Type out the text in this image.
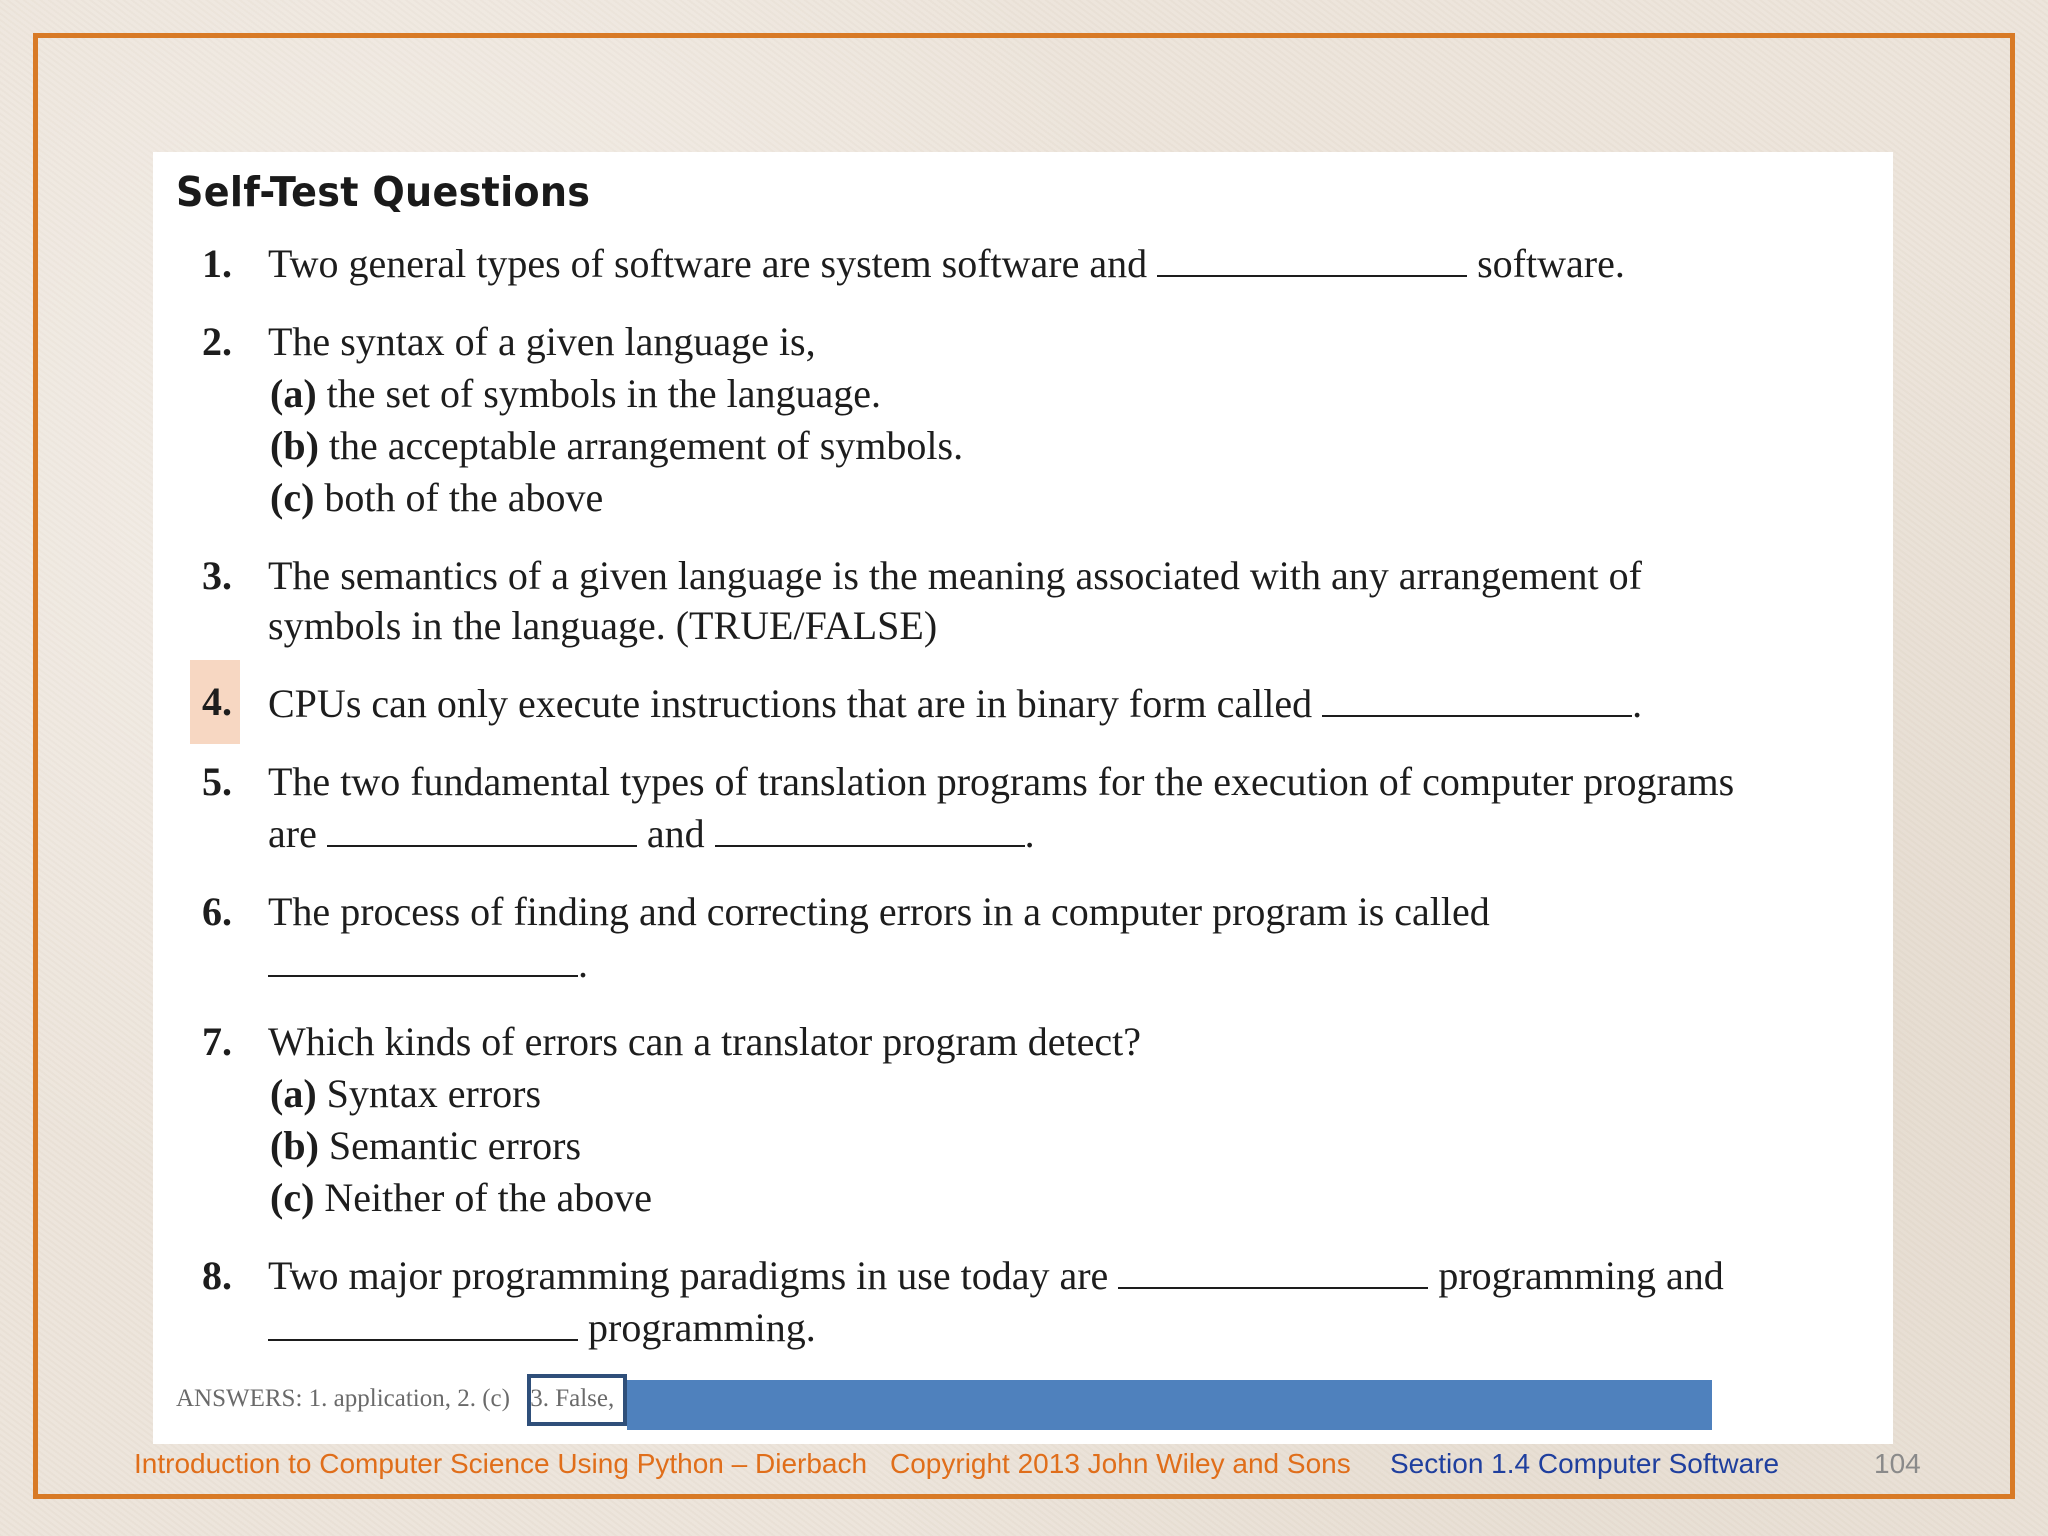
Self-Test Questions
1. Two general types of software are system software and	software.
2. The syntax of a given language is,
(a) the set of symbols in the language.
(b) the acceptable arrangement of symbols.
(c) both of the above
3. The semantics of a given language is the meaning associated with any arrangement of
symbols in the language. (TRUE/FALSE)
4. CPUs can only execute instructions that are in binary form called	.
5. The two fundamental types of translation programs for the execution of computer programs
are	and	.
6. The process of finding and correcting errors in a computer program is called
.
7. Which kinds of errors can a translator program detect?
(a) Syntax errors
(b) Semantic errors
(c) Neither of the above
8. Two major programming paradigms in use today are	programming and
programming.
ANSWERS: 1. application, 2. (c) 3. False,
Introduction to Computer Science Using Python – Dierbach Copyright 2013 John Wiley and Sons Section 1.4 Computer Software	104
